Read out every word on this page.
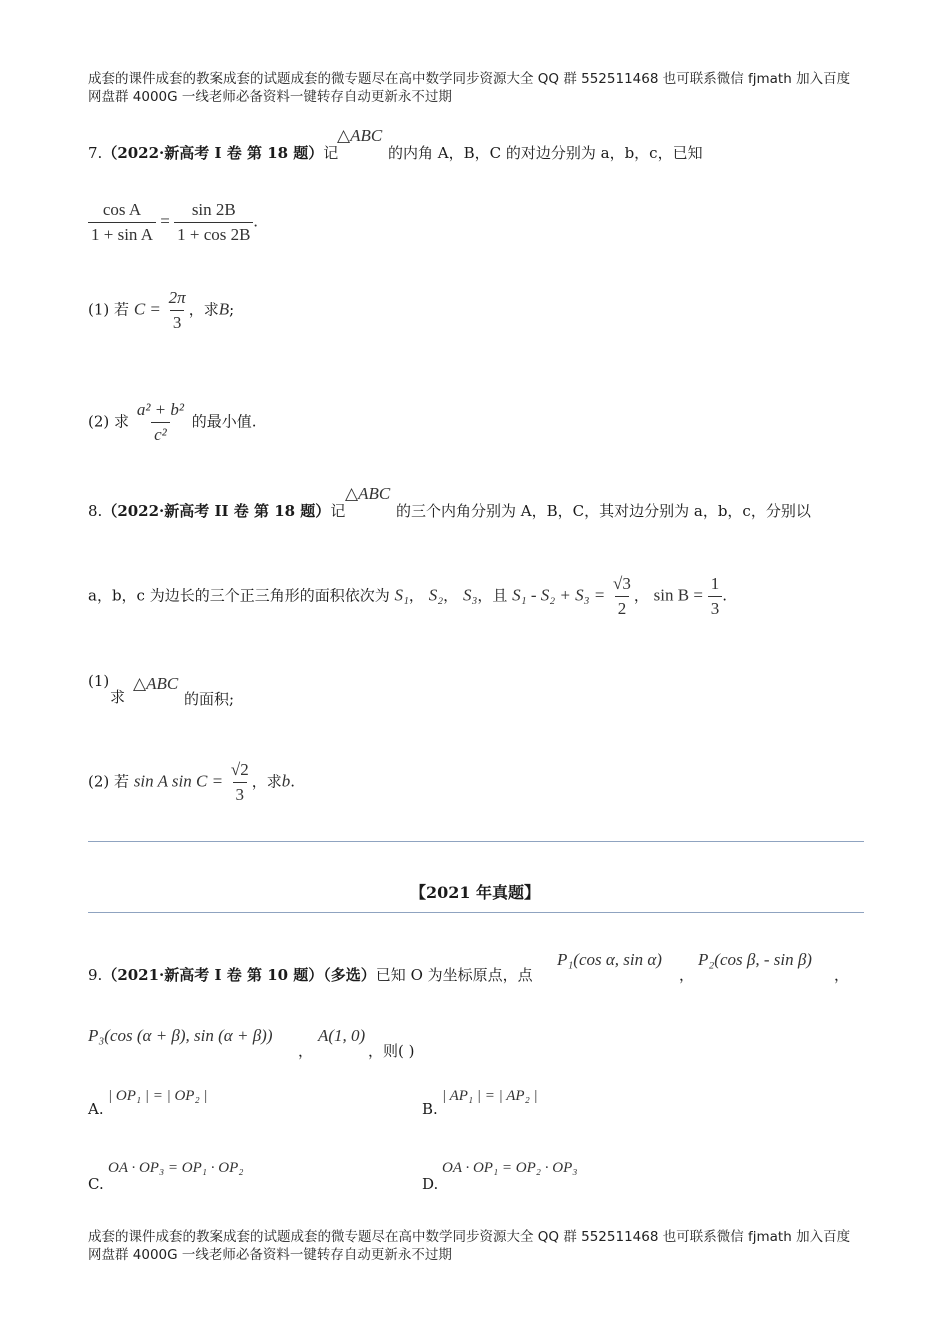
成套的课件成套的教案成套的试题成套的微专题尽在高中数学同步资源大全 QQ 群 552511468 也可联系微信 fjmath 加入百度
网盘群 4000G 一线老师必备资料一键转存自动更新永不过期
7.（2022·新高考 I 卷 第 18 题）记
△ABC
的内角 A，B，C 的对边分别为 a，b，c，已知
$\frac{\text{cos A}}{\text{1 + sin A}} = \frac{\sin 2B}{1 + \cos 2B}$ .
(1) 若 $C = \frac{2\pi}{3}$ ，求B;
(2) 求 $\frac{\text{a² + b²}}{\text{c²}}$ 的最小值.
8.（2022·新高考 II 卷 第 18 题）记
△ABC
的三个内角分别为 A，B，C，其对边分别为 a，b，c，分别以
a，b，c 为边长的三个正三角形的面积依次为 S₁， S₂， S₃，且 $S_1 - S_2 + S_3 = \frac{√3}{2}$ ， $\sin B = \frac{1}{3}$ .
(1)
求
△ABC
的面积;
(2) 若 sin A $\sin C = \frac{√2}{3}$ ，求b.
【2021 年真题】
9.（2021·新高考 I 卷 第 10 题）（多选）已知 O 为坐标原点，点
P₁(cos α, sin α)
，
P₂(cos β, - sin β)
，
P₃(cos (α + β), sin (α + β))
，
A(1, 0)
，则( )
A.
| OP₁ | = | OP₂ |
B.
| AP₁ | = | AP₂ |
C.
OA · OP₃ = OP₁ · OP₂
D.
OA · OP₁ = OP₂ · OP₃
成套的课件成套的教案成套的试题成套的微专题尽在高中数学同步资源大全 QQ 群 552511468 也可联系微信 fjmath 加入百度
网盘群 4000G 一线老师必备资料一键转存自动更新永不过期
